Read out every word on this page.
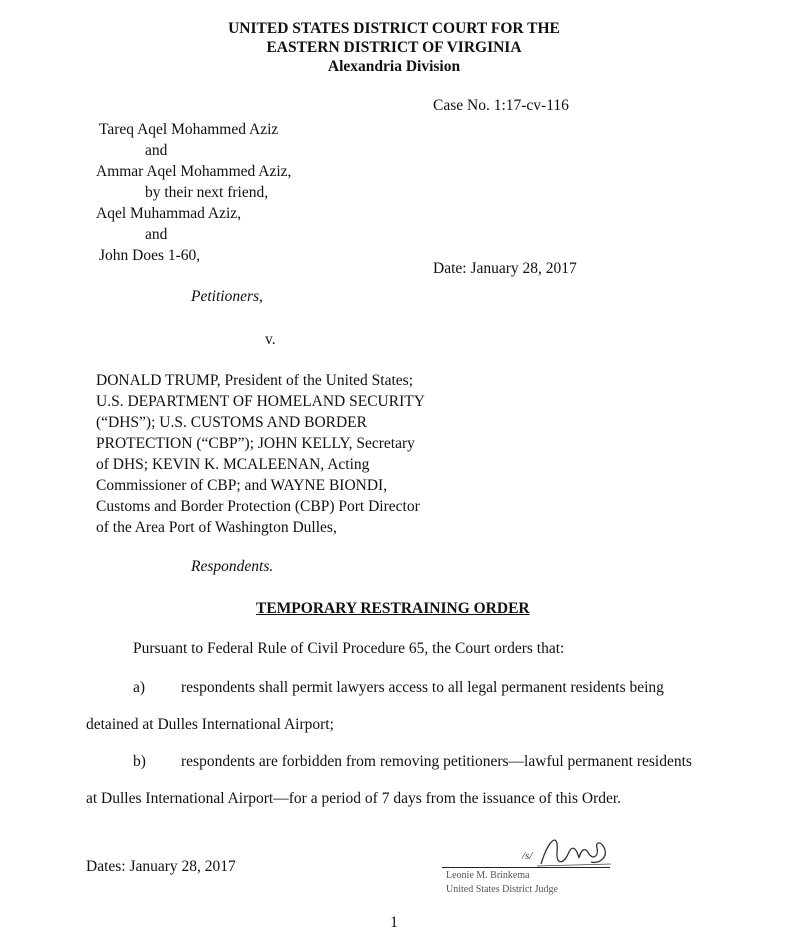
UNITED STATES DISTRICT COURT FOR THE
EASTERN DISTRICT OF VIRGINIA
Alexandria Division
Case No. 1:17-cv-116
Tareq Aqel Mohammed Aziz
and
Ammar Aqel Mohammed Aziz,
by their next friend,
Aqel Muhammad Aziz,
and
John Does 1-60,
Date: January 28, 2017
Petitioners,
v.
DONALD TRUMP, President of the United States;
U.S. DEPARTMENT OF HOMELAND SECURITY
(“DHS”); U.S. CUSTOMS AND BORDER
PROTECTION (“CBP”); JOHN KELLY, Secretary
of DHS; KEVIN K. MCALEENAN, Acting
Commissioner of CBP; and WAYNE BIONDI,
Customs and Border Protection (CBP) Port Director
of the Area Port of Washington Dulles,
Respondents.
TEMPORARY RESTRAINING ORDER
Pursuant to Federal Rule of Civil Procedure 65, the Court orders that:
a) respondents shall permit lawyers access to all legal permanent residents being
detained at Dulles International Airport;
b) respondents are forbidden from removing petitioners—lawful permanent residents
at Dulles International Airport—for a period of 7 days from the issuance of this Order.
Dates: January 28, 2017
/s/
Leonie M. Brinkema
United States District Judge
1
